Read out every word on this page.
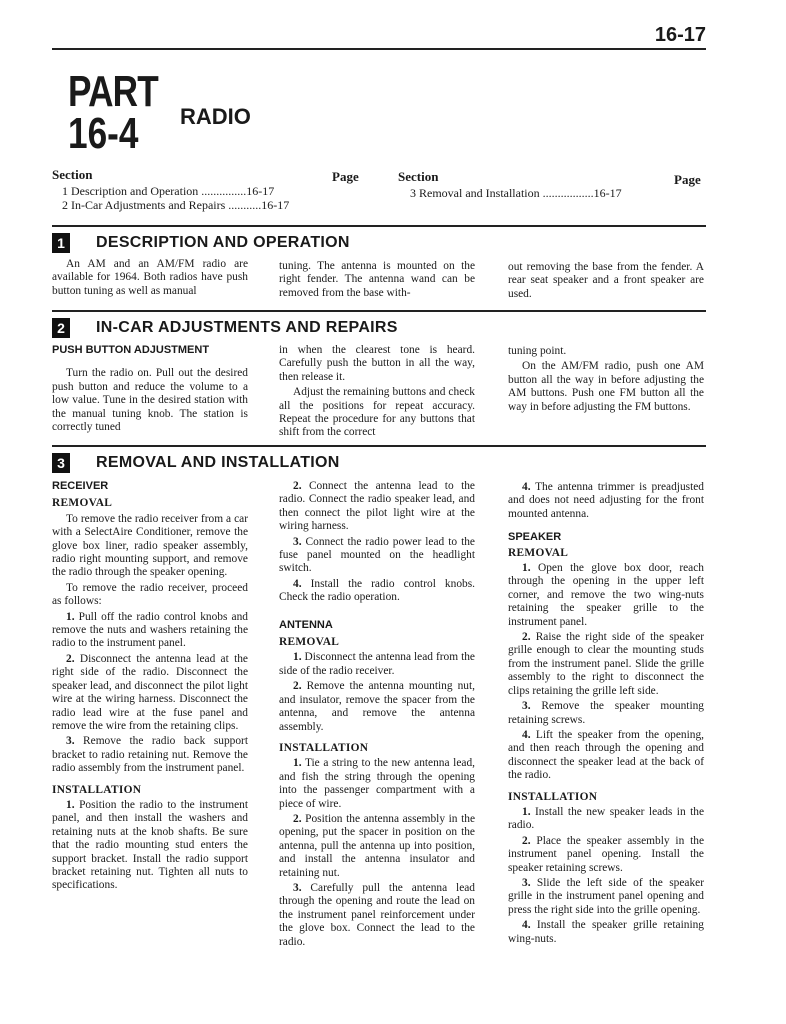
16-17
PART
16-4 RADIO
Section	Page
1 Description and Operation ...............16-17
2 In-Car Adjustments and Repairs ...........16-17
Section	Page
3 Removal and Installation .................16-17
1	DESCRIPTION AND OPERATION

An AM and an AM/FM radio are available for 1964. Both radios have push button tuning as well as manual

tuning. The antenna is mounted on the right fender. The antenna wand can be removed from the base with-

out removing the base from the fender. A rear seat speaker and a front speaker are used.

2	IN-CAR ADJUSTMENTS AND REPAIRS
PUSH BUTTON ADJUSTMENT

Turn the radio on. Pull out the desired push button and reduce the volume to a low value. Tune in the desired station with the manual tuning knob. The station is correctly tuned

in when the clearest tone is heard. Carefully push the button in all the way, then release it.

Adjust the remaining buttons and check all the positions for repeat accuracy. Repeat the procedure for any buttons that shift from the correct

tuning point.

On the AM/FM radio, push one AM button all the way in before adjusting the AM buttons. Push one FM button all the way in before adjusting the FM buttons.

3	REMOVAL AND INSTALLATION
RECEIVER
REMOVAL

To remove the radio receiver from a car with a SelectAire Conditioner, remove the glove box liner, radio speaker assembly, radio right mounting support, and remove the radio through the speaker opening.

To remove the radio receiver, proceed as follows:

1. Pull off the radio control knobs and remove the nuts and washers retaining the radio to the instrument panel.

2. Disconnect the antenna lead at the right side of the radio. Disconnect the speaker lead, and disconnect the pilot light wire at the wiring harness. Disconnect the radio lead wire at the fuse panel and remove the wire from the retaining clips.

3. Remove the radio back support bracket to radio retaining nut. Remove the radio assembly from the instrument panel.

INSTALLATION

1. Position the radio to the instrument panel, and then install the washers and retaining nuts at the knob shafts. Be sure that the radio mounting stud enters the support bracket. Install the radio support bracket retaining nut. Tighten all nuts to specifications.

2. Connect the antenna lead to the radio. Connect the radio speaker lead, and then connect the pilot light wire at the wiring harness.

3. Connect the radio power lead to the fuse panel mounted on the headlight switch.

4. Install the radio control knobs. Check the radio operation.

ANTENNA
REMOVAL

1. Disconnect the antenna lead from the side of the radio receiver.

2. Remove the antenna mounting nut, and insulator, remove the spacer from the antenna, and remove the antenna assembly.

INSTALLATION

1. Tie a string to the new antenna lead, and fish the string through the opening into the passenger compartment with a piece of wire.

2. Position the antenna assembly in the opening, put the spacer in position on the antenna, pull the antenna up into position, and install the antenna insulator and retaining nut.

3. Carefully pull the antenna lead through the opening and route the lead on the instrument panel reinforcement under the glove box. Connect the lead to the radio.

4. The antenna trimmer is preadjusted and does not need adjusting for the front mounted antenna.

SPEAKER
REMOVAL

1. Open the glove box door, reach through the opening in the upper left corner, and remove the two wing-nuts retaining the speaker grille to the instrument panel.

2. Raise the right side of the speaker grille enough to clear the mounting studs from the instrument panel. Slide the grille assembly to the right to disconnect the clips retaining the grille left side.

3. Remove the speaker mounting retaining screws.

4. Lift the speaker from the opening, and then reach through the opening and disconnect the speaker lead at the back of the radio.

INSTALLATION

1. Install the new speaker leads in the radio.

2. Place the speaker assembly in the instrument panel opening. Install the speaker retaining screws.

3. Slide the left side of the speaker grille in the instrument panel opening and press the right side into the grille opening.

4. Install the speaker grille retaining wing-nuts.
